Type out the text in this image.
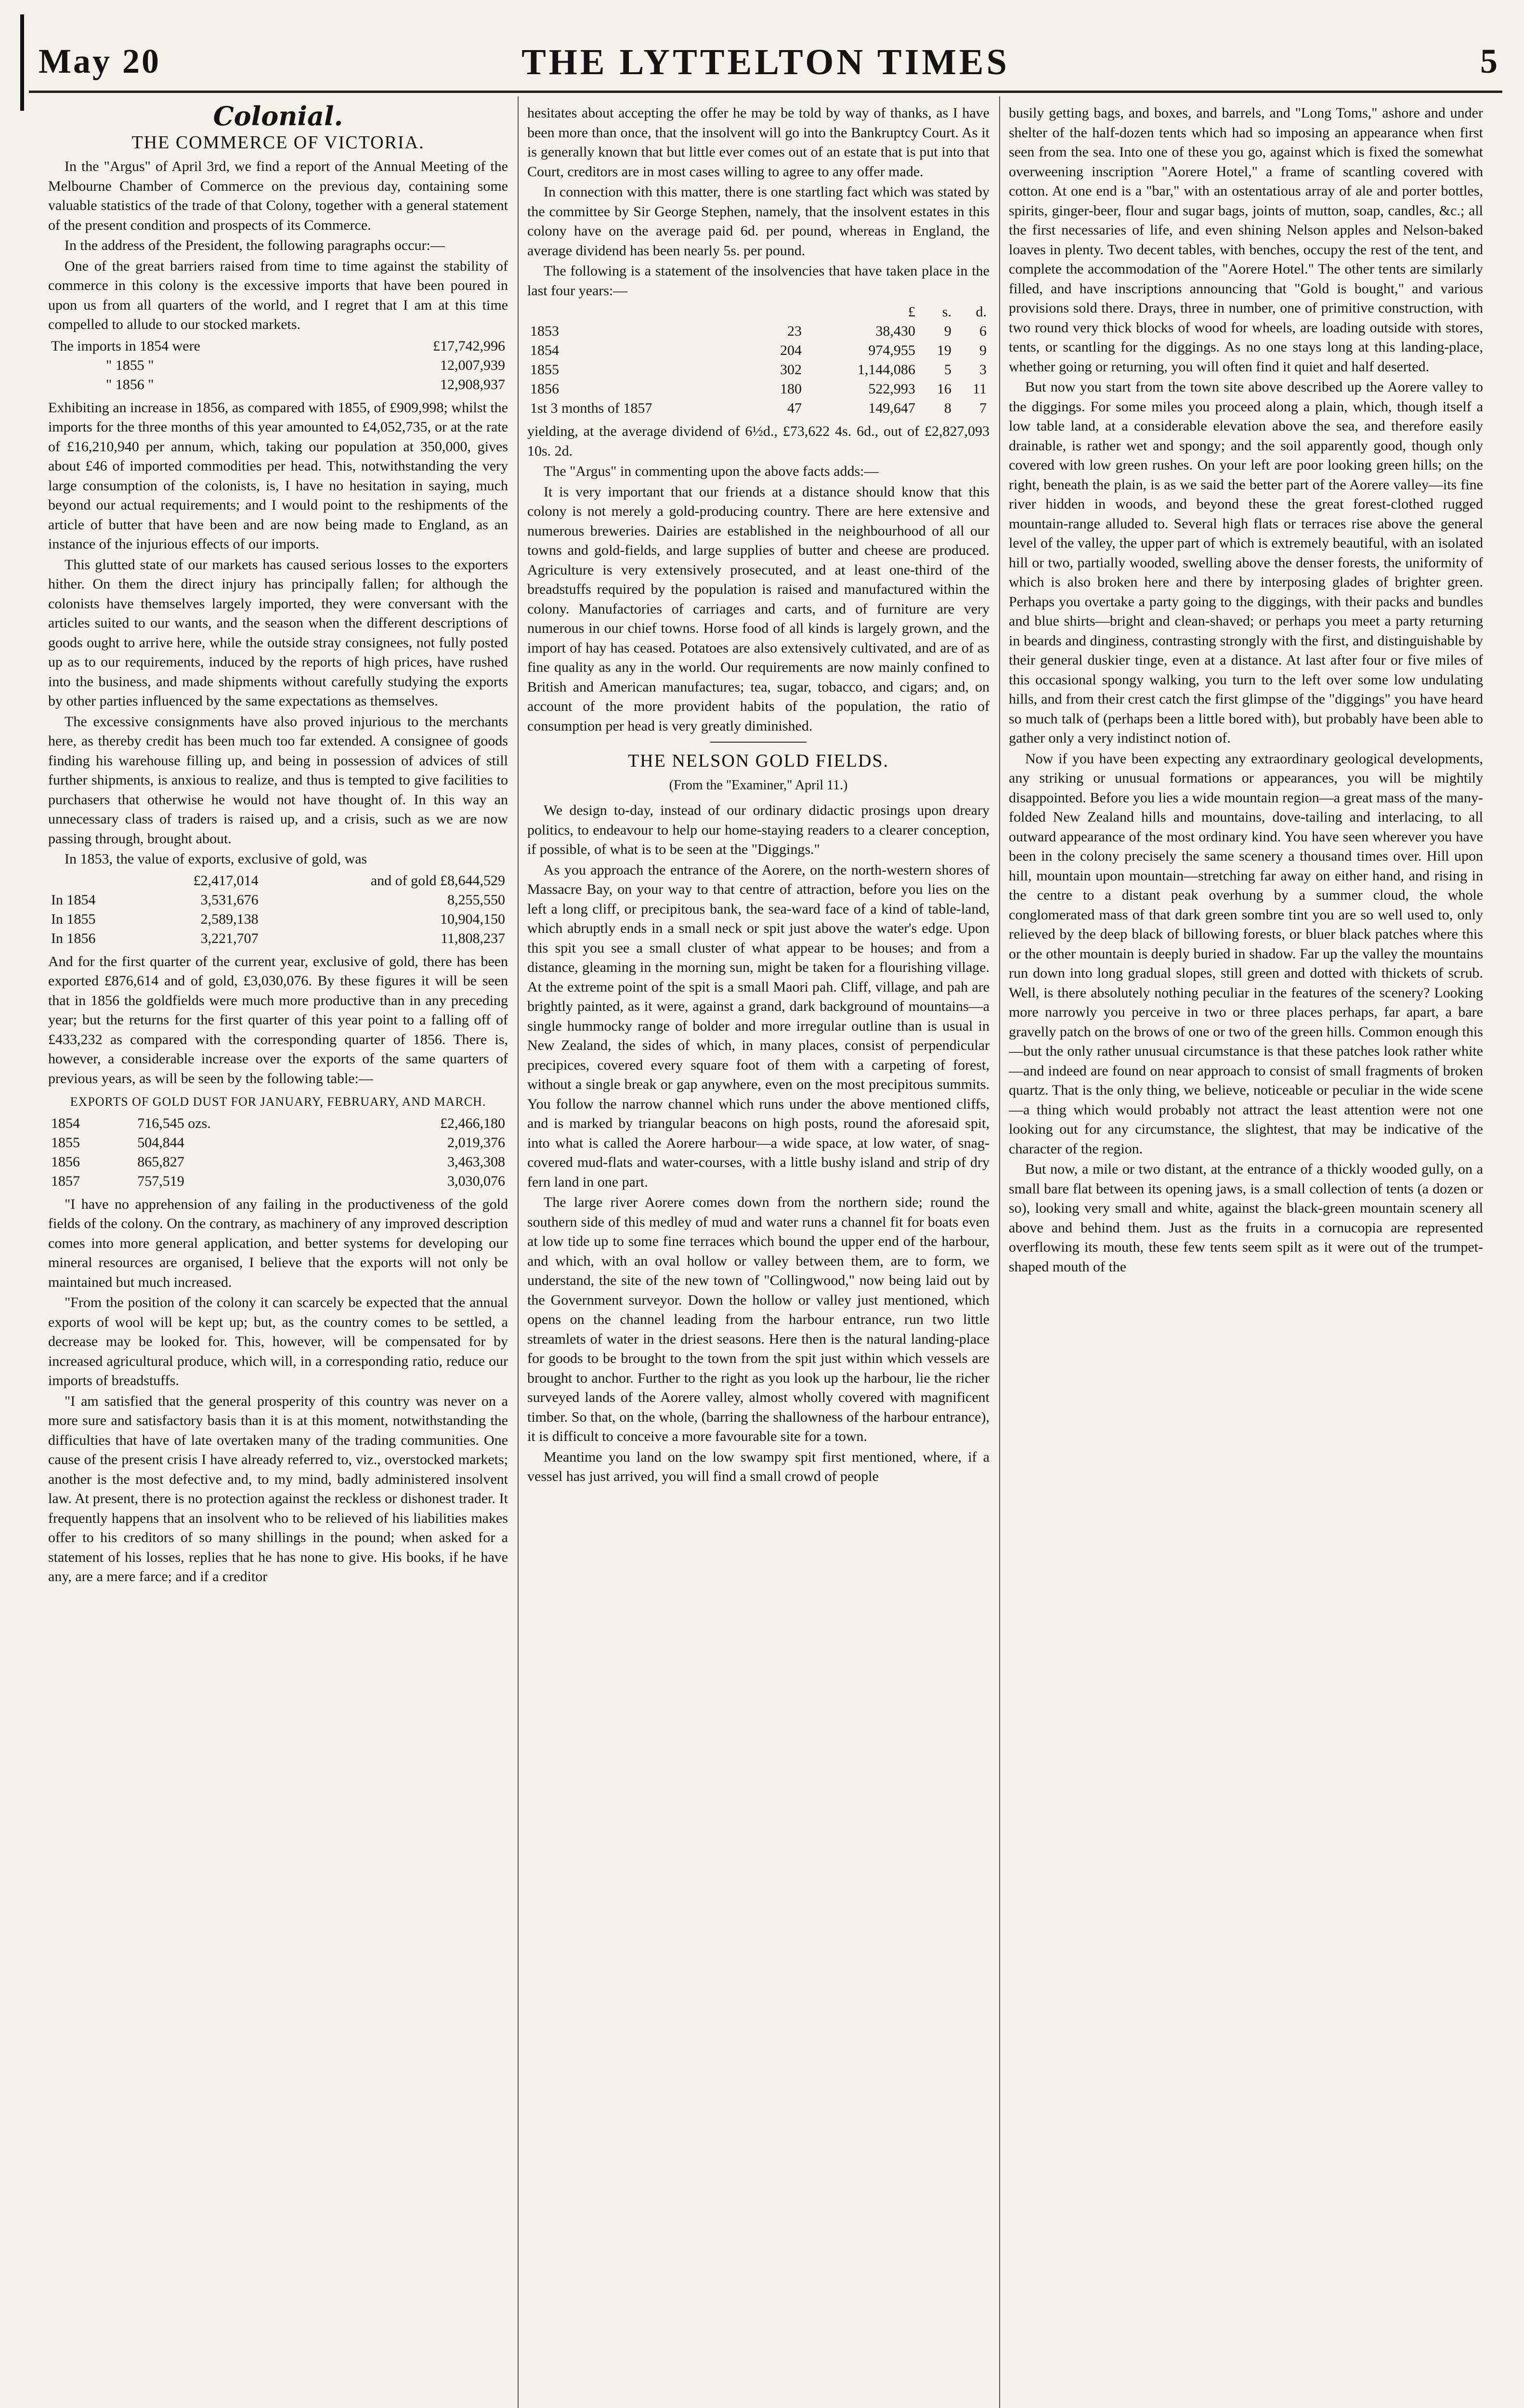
May 20	THE LYTTELTON TIMES	5
Colonial.
THE COMMERCE OF VICTORIA.

In the "Argus" of April 3rd, we find a report of the Annual Meeting of the Melbourne Chamber of Commerce on the previous day, containing some valuable statistics of the trade of that Colony, together with a general statement of the present condition and prospects of its Commerce.

In the address of the President, the following paragraphs occur:—

One of the great barriers raised from time to time against the stability of commerce in this colony is the excessive imports that have been poured in upon us from all quarters of the world, and I regret that I am at this time compelled to allude to our stocked markets.

The imports in 1854 were	£17,742,996
" 1855 "	12,007,939
" 1856 "	12,908,937

Exhibiting an increase in 1856, as compared with 1855, of £909,998; whilst the imports for the three months of this year amounted to £4,052,735, or at the rate of £16,210,940 per annum, which, taking our population at 350,000, gives about £46 of imported commodities per head. This, notwithstanding the very large consumption of the colonists, is, I have no hesitation in saying, much beyond our actual requirements; and I would point to the reshipments of the article of butter that have been and are now being made to England, as an instance of the injurious effects of our imports.

This glutted state of our markets has caused serious losses to the exporters hither. On them the direct injury has principally fallen; for although the colonists have themselves largely imported, they were conversant with the articles suited to our wants, and the season when the different descriptions of goods ought to arrive here, while the outside stray consignees, not fully posted up as to our requirements, induced by the reports of high prices, have rushed into the business, and made shipments without carefully studying the exports by other parties influenced by the same expectations as themselves.

The excessive consignments have also proved injurious to the merchants here, as thereby credit has been much too far extended. A consignee of goods finding his warehouse filling up, and being in possession of advices of still further shipments, is anxious to realize, and thus is tempted to give facilities to purchasers that otherwise he would not have thought of. In this way an unnecessary class of traders is raised up, and a crisis, such as we are now passing through, brought about.

In 1853, the value of exports, exclusive of gold, was

	£2,417,014	and of gold £8,644,529
In 1854	3,531,676	8,255,550
In 1855	2,589,138	10,904,150
In 1856	3,221,707	11,808,237

And for the first quarter of the current year, exclusive of gold, there has been exported £876,614 and of gold, £3,030,076. By these figures it will be seen that in 1856 the goldfields were much more productive than in any preceding year; but the returns for the first quarter of this year point to a falling off of £433,232 as compared with the corresponding quarter of 1856. There is, however, a considerable increase over the exports of the same quarters of previous years, as will be seen by the following table:—

EXPORTS OF GOLD DUST FOR JANUARY, FEBRUARY, AND MARCH.
1854	716,545 ozs.	£2,466,180
1855	504,844	2,019,376
1856	865,827	3,463,308
1857	757,519	3,030,076

"I have no apprehension of any failing in the productiveness of the gold fields of the colony. On the contrary, as machinery of any improved description comes into more general application, and better systems for developing our mineral resources are organised, I believe that the exports will not only be maintained but much increased.

"From the position of the colony it can scarcely be expected that the annual exports of wool will be kept up; but, as the country comes to be settled, a decrease may be looked for. This, however, will be compensated for by increased agricultural produce, which will, in a corresponding ratio, reduce our imports of breadstuffs.

"I am satisfied that the general prosperity of this country was never on a more sure and satisfactory basis than it is at this moment, notwithstanding the difficulties that have of late overtaken many of the trading communities. One cause of the present crisis I have already referred to, viz., overstocked markets; another is the most defective and, to my mind, badly administered insolvent law. At present, there is no protection against the reckless or dishonest trader. It frequently happens that an insolvent who to be relieved of his liabilities makes offer to his creditors of so many shillings in the pound; when asked for a statement of his losses, replies that he has none to give. His books, if he have any, are a mere farce; and if a creditor

hesitates about accepting the offer he may be told by way of thanks, as I have been more than once, that the insolvent will go into the Bankruptcy Court. As it is generally known that but little ever comes out of an estate that is put into that Court, creditors are in most cases willing to agree to any offer made.

In connection with this matter, there is one startling fact which was stated by the committee by Sir George Stephen, namely, that the insolvent estates in this colony have on the average paid 6d. per pound, whereas in England, the average dividend has been nearly 5s. per pound.

The following is a statement of the insolvencies that have taken place in the last four years:—

		£	s.	d.
1853	23	38,430	9	6
1854	204	974,955	19	9
1855	302	1,144,086	5	3
1856	180	522,993	16	11
1st 3 months of 1857	47	149,647	8	7

yielding, at the average dividend of 6½d., £73,622 4s. 6d., out of £2,827,093 10s. 2d.

The "Argus" in commenting upon the above facts adds:—

It is very important that our friends at a distance should know that this colony is not merely a gold-producing country. There are here extensive and numerous breweries. Dairies are established in the neighbourhood of all our towns and gold-fields, and large supplies of butter and cheese are produced. Agriculture is very extensively prosecuted, and at least one-third of the breadstuffs required by the population is raised and manufactured within the colony. Manufactories of carriages and carts, and of furniture are very numerous in our chief towns. Horse food of all kinds is largely grown, and the import of hay has ceased. Potatoes are also extensively cultivated, and are of as fine quality as any in the world. Our requirements are now mainly confined to British and American manufactures; tea, sugar, tobacco, and cigars; and, on account of the more provident habits of the population, the ratio of consumption per head is very greatly diminished.

THE NELSON GOLD FIELDS.
(From the "Examiner," April 11.)

We design to-day, instead of our ordinary didactic prosings upon dreary politics, to endeavour to help our home-staying readers to a clearer conception, if possible, of what is to be seen at the "Diggings."

As you approach the entrance of the Aorere, on the north-western shores of Massacre Bay, on your way to that centre of attraction, before you lies on the left a long cliff, or precipitous bank, the sea-ward face of a kind of table-land, which abruptly ends in a small neck or spit just above the water's edge. Upon this spit you see a small cluster of what appear to be houses; and from a distance, gleaming in the morning sun, might be taken for a flourishing village. At the extreme point of the spit is a small Maori pah. Cliff, village, and pah are brightly painted, as it were, against a grand, dark background of mountains—a single hummocky range of bolder and more irregular outline than is usual in New Zealand, the sides of which, in many places, consist of perpendicular precipices, covered every square foot of them with a carpeting of forest, without a single break or gap anywhere, even on the most precipitous summits. You follow the narrow channel which runs under the above mentioned cliffs, and is marked by triangular beacons on high posts, round the aforesaid spit, into what is called the Aorere harbour—a wide space, at low water, of snag-covered mud-flats and water-courses, with a little bushy island and strip of dry fern land in one part.

The large river Aorere comes down from the northern side; round the southern side of this medley of mud and water runs a channel fit for boats even at low tide up to some fine terraces which bound the upper end of the harbour, and which, with an oval hollow or valley between them, are to form, we understand, the site of the new town of "Collingwood," now being laid out by the Government surveyor. Down the hollow or valley just mentioned, which opens on the channel leading from the harbour entrance, run two little streamlets of water in the driest seasons. Here then is the natural landing-place for goods to be brought to the town from the spit just within which vessels are brought to anchor. Further to the right as you look up the harbour, lie the richer surveyed lands of the Aorere valley, almost wholly covered with magnificent timber. So that, on the whole, (barring the shallowness of the harbour entrance), it is difficult to conceive a more favourable site for a town.

Meantime you land on the low swampy spit first mentioned, where, if a vessel has just arrived, you will find a small crowd of people

busily getting bags, and boxes, and barrels, and "Long Toms," ashore and under shelter of the half-dozen tents which had so imposing an appearance when first seen from the sea. Into one of these you go, against which is fixed the somewhat overweening inscription "Aorere Hotel," a frame of scantling covered with cotton. At one end is a "bar," with an ostentatious array of ale and porter bottles, spirits, ginger-beer, flour and sugar bags, joints of mutton, soap, candles, &c.; all the first necessaries of life, and even shining Nelson apples and Nelson-baked loaves in plenty. Two decent tables, with benches, occupy the rest of the tent, and complete the accommodation of the "Aorere Hotel." The other tents are similarly filled, and have inscriptions announcing that "Gold is bought," and various provisions sold there. Drays, three in number, one of primitive construction, with two round very thick blocks of wood for wheels, are loading outside with stores, tents, or scantling for the diggings. As no one stays long at this landing-place, whether going or returning, you will often find it quiet and half deserted.

But now you start from the town site above described up the Aorere valley to the diggings. For some miles you proceed along a plain, which, though itself a low table land, at a considerable elevation above the sea, and therefore easily drainable, is rather wet and spongy; and the soil apparently good, though only covered with low green rushes. On your left are poor looking green hills; on the right, beneath the plain, is as we said the better part of the Aorere valley—its fine river hidden in woods, and beyond these the great forest-clothed rugged mountain-range alluded to. Several high flats or terraces rise above the general level of the valley, the upper part of which is extremely beautiful, with an isolated hill or two, partially wooded, swelling above the denser forests, the uniformity of which is also broken here and there by interposing glades of brighter green. Perhaps you overtake a party going to the diggings, with their packs and bundles and blue shirts—bright and clean-shaved; or perhaps you meet a party returning in beards and dinginess, contrasting strongly with the first, and distinguishable by their general duskier tinge, even at a distance. At last after four or five miles of this occasional spongy walking, you turn to the left over some low undulating hills, and from their crest catch the first glimpse of the "diggings" you have heard so much talk of (perhaps been a little bored with), but probably have been able to gather only a very indistinct notion of.

Now if you have been expecting any extraordinary geological developments, any striking or unusual formations or appearances, you will be mightily disappointed. Before you lies a wide mountain region—a great mass of the many-folded New Zealand hills and mountains, dove-tailing and interlacing, to all outward appearance of the most ordinary kind. You have seen wherever you have been in the colony precisely the same scenery a thousand times over. Hill upon hill, mountain upon mountain—stretching far away on either hand, and rising in the centre to a distant peak overhung by a summer cloud, the whole conglomerated mass of that dark green sombre tint you are so well used to, only relieved by the deep black of billowing forests, or bluer black patches where this or the other mountain is deeply buried in shadow. Far up the valley the mountains run down into long gradual slopes, still green and dotted with thickets of scrub. Well, is there absolutely nothing peculiar in the features of the scenery? Looking more narrowly you perceive in two or three places perhaps, far apart, a bare gravelly patch on the brows of one or two of the green hills. Common enough this—but the only rather unusual circumstance is that these patches look rather white—and indeed are found on near approach to consist of small fragments of broken quartz. That is the only thing, we believe, noticeable or peculiar in the wide scene—a thing which would probably not attract the least attention were not one looking out for any circumstance, the slightest, that may be indicative of the character of the region.

But now, a mile or two distant, at the entrance of a thickly wooded gully, on a small bare flat between its opening jaws, is a small collection of tents (a dozen or so), looking very small and white, against the black-green mountain scenery all above and behind them. Just as the fruits in a cornucopia are represented overflowing its mouth, these few tents seem spilt as it were out of the trumpet-shaped mouth of the
